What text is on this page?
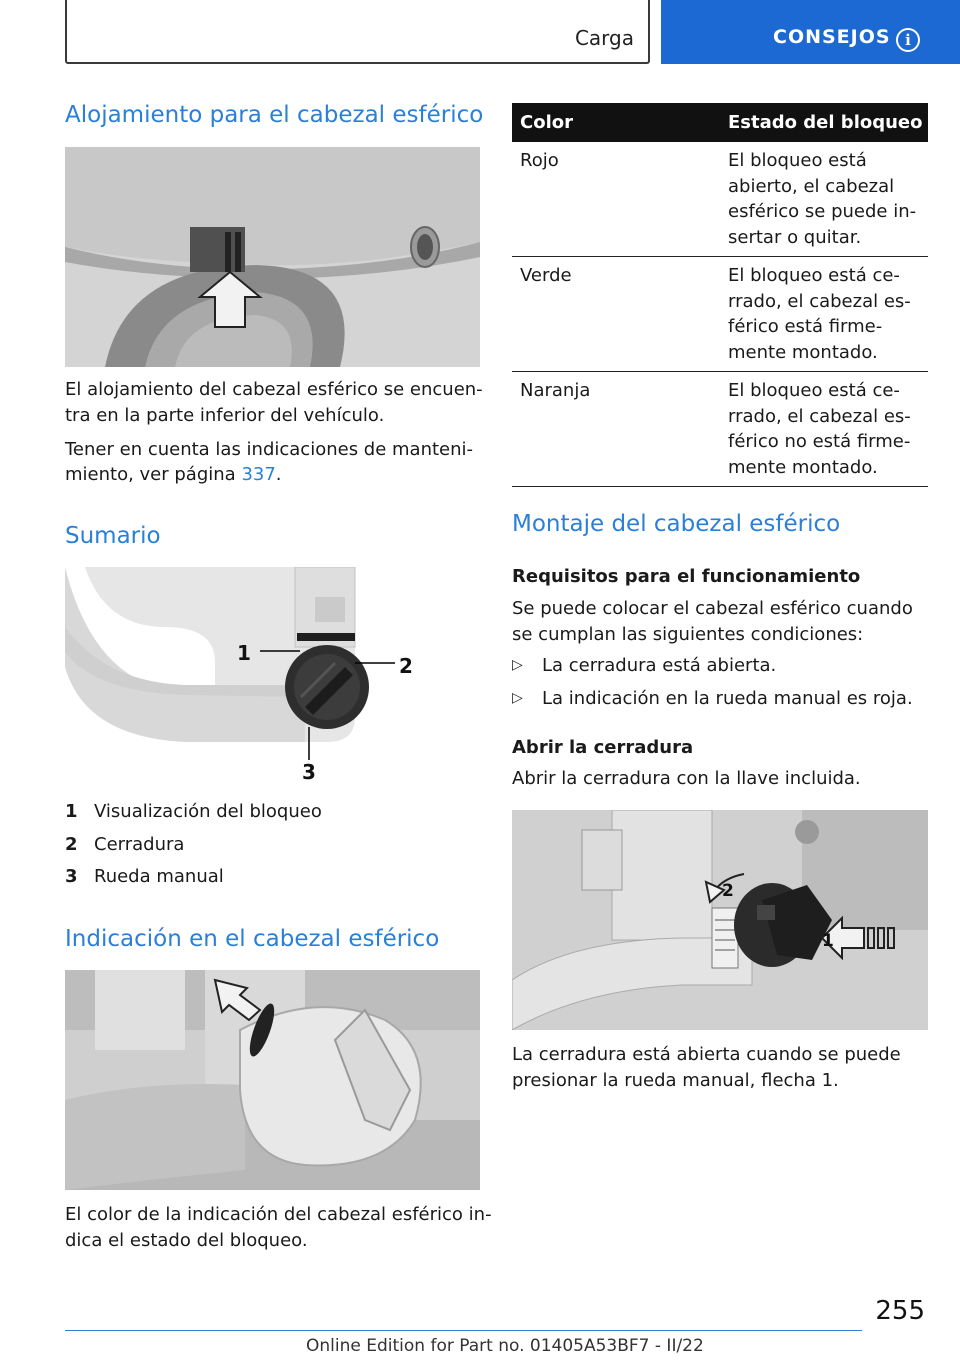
Carga	CONSEJOS i
Alojamiento para el cabezal esférico

El alojamiento del cabezal esférico se encuen‐

tra en la parte inferior del vehículo.

Tener en cuenta las indicaciones de manteni‐

miento, ver página 337.

Sumario
1
2
3
1 Visualización del bloqueo
2 Cerradura
3 Rueda manual
Indicación en el cabezal esférico

El color de la indicación del cabezal esférico in‐

dica el estado del bloqueo.

Color	Estado del bloqueo
Rojo	El bloqueo está
abierto, el cabezal
esférico se puede in‐
sertar o quitar.
Verde	El bloqueo está ce‐
rrado, el cabezal es‐
férico está firme‐
mente montado.
Naranja	El bloqueo está ce‐
rrado, el cabezal es‐
férico no está firme‐
mente montado.
Montaje del cabezal esférico
Requisitos para el funcionamiento

Se puede colocar el cabezal esférico cuando

se cumplan las siguientes condiciones:

▷ La cerradura está abierta.
▷ La indicación en la rueda manual es roja.
Abrir la cerradura

Abrir la cerradura con la llave incluida.

2
1

La cerradura está abierta cuando se puede

presionar la rueda manual, flecha 1.

255
Online Edition for Part no. 01405A53BF7 - II/22
